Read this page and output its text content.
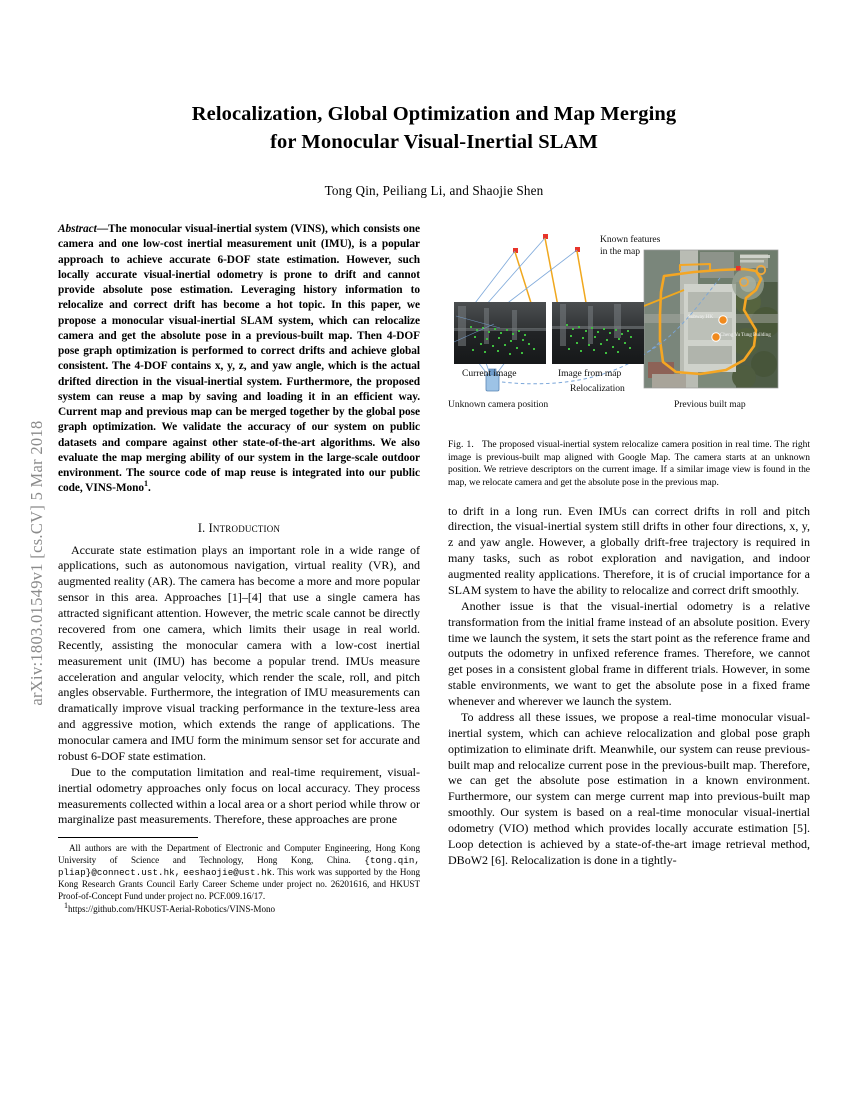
arXiv:1803.01549v1 [cs.CV] 5 Mar 2018
Relocalization, Global Optimization and Map Merging
for Monocular Visual-Inertial SLAM
Tong Qin, Peiliang Li, and Shaojie Shen
Abstract—The monocular visual-inertial system (VINS), which consists one camera and one low-cost inertial measurement unit (IMU), is a popular approach to achieve accurate 6-DOF state estimation. However, such locally accurate visual-inertial odometry is prone to drift and cannot provide absolute pose estimation. Leveraging history information to relocalize and correct drift has become a hot topic. In this paper, we propose a monocular visual-inertial SLAM system, which can relocalize camera and get the absolute pose in a previous-built map. Then 4-DOF pose graph optimization is performed to correct drifts and achieve global consistent. The 4-DOF contains x, y, z, and yaw angle, which is the actual drifted direction in the visual-inertial system. Furthermore, the proposed system can reuse a map by saving and loading it in an efficient way. Current map and previous map can be merged together by the global pose graph optimization. We validate the accuracy of our system on public datasets and compare against other state-of-the-art algorithms. We also evaluate the map merging ability of our system in the large-scale outdoor environment. The source code of map reuse is integrated into our public code, VINS-Mono$^1$.
I. Introduction

Accurate state estimation plays an important role in a wide range of applications, such as autonomous navigation, virtual reality (VR), and augmented reality (AR). The camera has become a more and more popular sensor in this area. Approaches [1]–[4] that use a single camera has attracted significant attention. However, the metric scale cannot be directly recovered from one camera, which limits their usage in real world. Recently, assisting the monocular camera with a low-cost inertial measurement unit (IMU) has become a popular trend. IMUs measure acceleration and angular velocity, which render the scale, roll, and pitch angles observable. Furthermore, the integration of IMU measurements can dramatically improve visual tracking performance in the texture-less area and aggressive motion, which extends the range of applications. The monocular camera and IMU form the minimum sensor set for accurate and robust 6-DOF state estimation.

Due to the computation limitation and real-time requirement, visual-inertial odometry approaches only focus on local accuracy. They process measurements collected within a local area or a short period while throw or marginalize past measurements. Therefore, these approaches are prone

All authors are with the Department of Electronic and Computer Engineering, Hong Kong University of Science and Technology, Hong Kong, China. {tong.qin, pliap}@connect.ust.hk, eeshaojie@ust.hk. This work was supported by the Hong Kong Research Grants Council Early Career Scheme under project no. 26201616, and HKUST Proof-of-Concept Fund under project no. PCF.009.16/17.

$^1$https://github.com/HKUST-Aerial-Robotics/VINS-Mono

Subway HK
Cheng Yu Tung Building
Known features
in the map
Current image	Image from map
Relocalization
Unknown camera position	Previous built map
Fig. 1. The proposed visual-inertial system relocalize camera position in real time. The right image is previous-built map aligned with Google Map. The camera starts at an unknown position. We retrieve descriptors on the current image. If a similar image view is found in the map, we relocate camera and get the absolute pose in the previous map.

to drift in a long run. Even IMUs can correct drifts in roll and pitch direction, the visual-inertial system still drifts in other four directions, x, y, z and yaw angle. However, a globally drift-free trajectory is required in many tasks, such as robot exploration and navigation, and indoor augmented reality applications. Therefore, it is of crucial importance for a SLAM system to have the ability to relocalize and correct drift smoothly.

Another issue is that the visual-inertial odometry is a relative transformation from the initial frame instead of an absolute position. Every time we launch the system, it sets the start point as the reference frame and outputs the odometry in unfixed reference frames. Therefore, we cannot get poses in a consistent global frame in different trials. However, in some stable environments, we want to get the absolute pose in a fixed frame whenever and wherever we launch the system.

To address all these issues, we propose a real-time monocular visual-inertial system, which can achieve relocalization and global pose graph optimization to eliminate drift. Meanwhile, our system can reuse previous-built map and relocalize current pose in the previous-built map. Therefore, we can get the absolute pose estimation in a known environment. Furthermore, our system can merge current map into previous-built map smoothly. Our system is based on a real-time monocular visual-inertial odometry (VIO) method which provides locally accurate estimation [5]. Loop detection is achieved by a state-of-the-art image retrieval method, DBoW2 [6]. Relocalization is done in a tightly-
